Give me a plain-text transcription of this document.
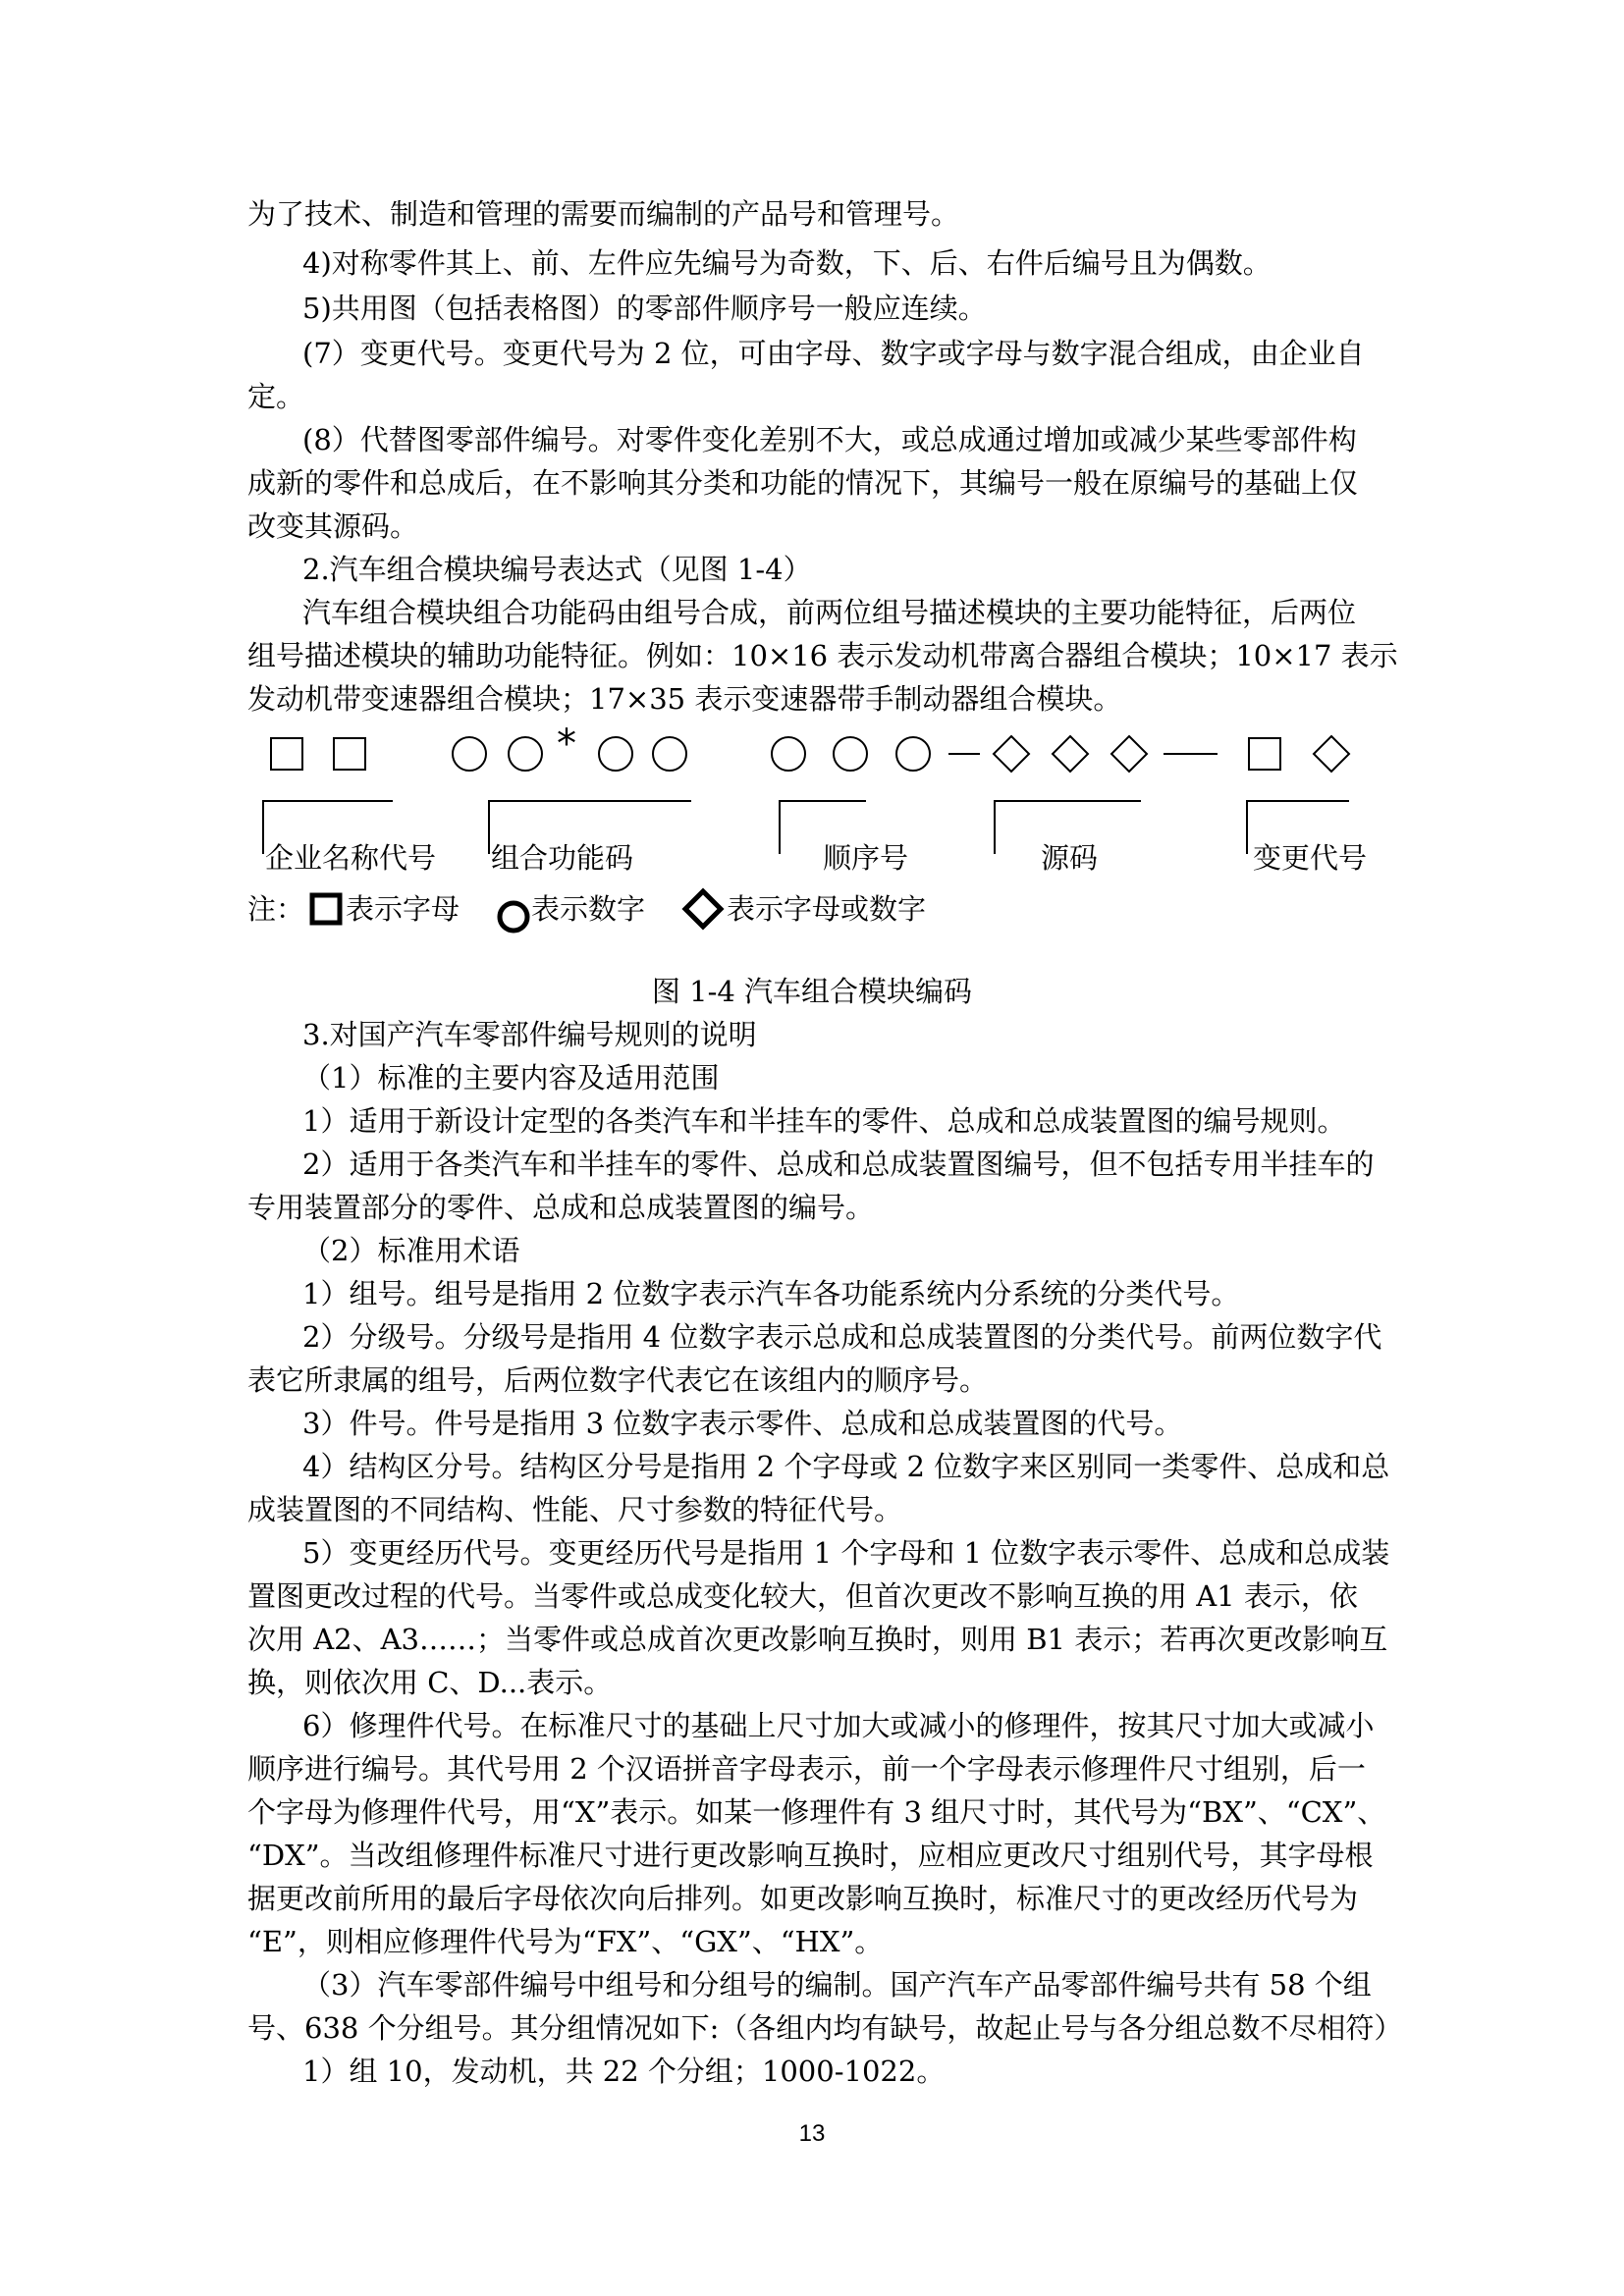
为了技术、制造和管理的需要而编制的产品号和管理号。
4)对称零件其上、前、左件应先编号为奇数，下、后、右件后编号且为偶数。
5)共用图（包括表格图）的零部件顺序号一般应连续。
(7）变更代号。变更代号为 2 位，可由字母、数字或字母与数字混合组成，由企业自
定。
(8）代替图零部件编号。对零件变化差别不大，或总成通过增加或减少某些零部件构
成新的零件和总成后，在不影响其分类和功能的情况下，其编号一般在原编号的基础上仅
改变其源码。
2.汽车组合模块编号表达式（见图 1-4）
汽车组合模块组合功能码由组号合成，前两位组号描述模块的主要功能特征，后两位
组号描述模块的辅助功能特征。例如：10×16 表示发动机带离合器组合模块；10×17 表示
发动机带变速器组合模块；17×35 表示变速器带手制动器组合模块。
*
企业名称代号 组合功能码	顺序号	源码	变更代号
注： 表示字母	表示数字	表示字母或数字
图 1-4 汽车组合模块编码
3.对国产汽车零部件编号规则的说明
（1）标准的主要内容及适用范围
1）适用于新设计定型的各类汽车和半挂车的零件、总成和总成装置图的编号规则。
2）适用于各类汽车和半挂车的零件、总成和总成装置图编号，但不包括专用半挂车的
专用装置部分的零件、总成和总成装置图的编号。
（2）标准用术语
1）组号。组号是指用 2 位数字表示汽车各功能系统内分系统的分类代号。
2）分级号。分级号是指用 4 位数字表示总成和总成装置图的分类代号。前两位数字代
表它所隶属的组号，后两位数字代表它在该组内的顺序号。
3）件号。件号是指用 3 位数字表示零件、总成和总成装置图的代号。
4）结构区分号。结构区分号是指用 2 个字母或 2 位数字来区别同一类零件、总成和总
成装置图的不同结构、性能、尺寸参数的特征代号。
5）变更经历代号。变更经历代号是指用 1 个字母和 1 位数字表示零件、总成和总成装
置图更改过程的代号。当零件或总成变化较大，但首次更改不影响互换的用 A1 表示，依
次用 A2、A3……；当零件或总成首次更改影响互换时，则用 B1 表示；若再次更改影响互
换，则依次用 C、D...表示。
6）修理件代号。在标准尺寸的基础上尺寸加大或减小的修理件，按其尺寸加大或减小
顺序进行编号。其代号用 2 个汉语拼音字母表示，前一个字母表示修理件尺寸组别，后一
个字母为修理件代号，用“X”表示。如某一修理件有 3 组尺寸时，其代号为“BX”、“CX”、
“DX”。当改组修理件标准尺寸进行更改影响互换时，应相应更改尺寸组别代号，其字母根
据更改前所用的最后字母依次向后排列。如更改影响互换时，标准尺寸的更改经历代号为
“E”，则相应修理件代号为“FX”、“GX”、“HX”。
（3）汽车零部件编号中组号和分组号的编制。国产汽车产品零部件编号共有 58 个组
号、638 个分组号。其分组情况如下:（各组内均有缺号，故起止号与各分组总数不尽相符）
1）组 10，发动机，共 22 个分组；1000-1022。
13
